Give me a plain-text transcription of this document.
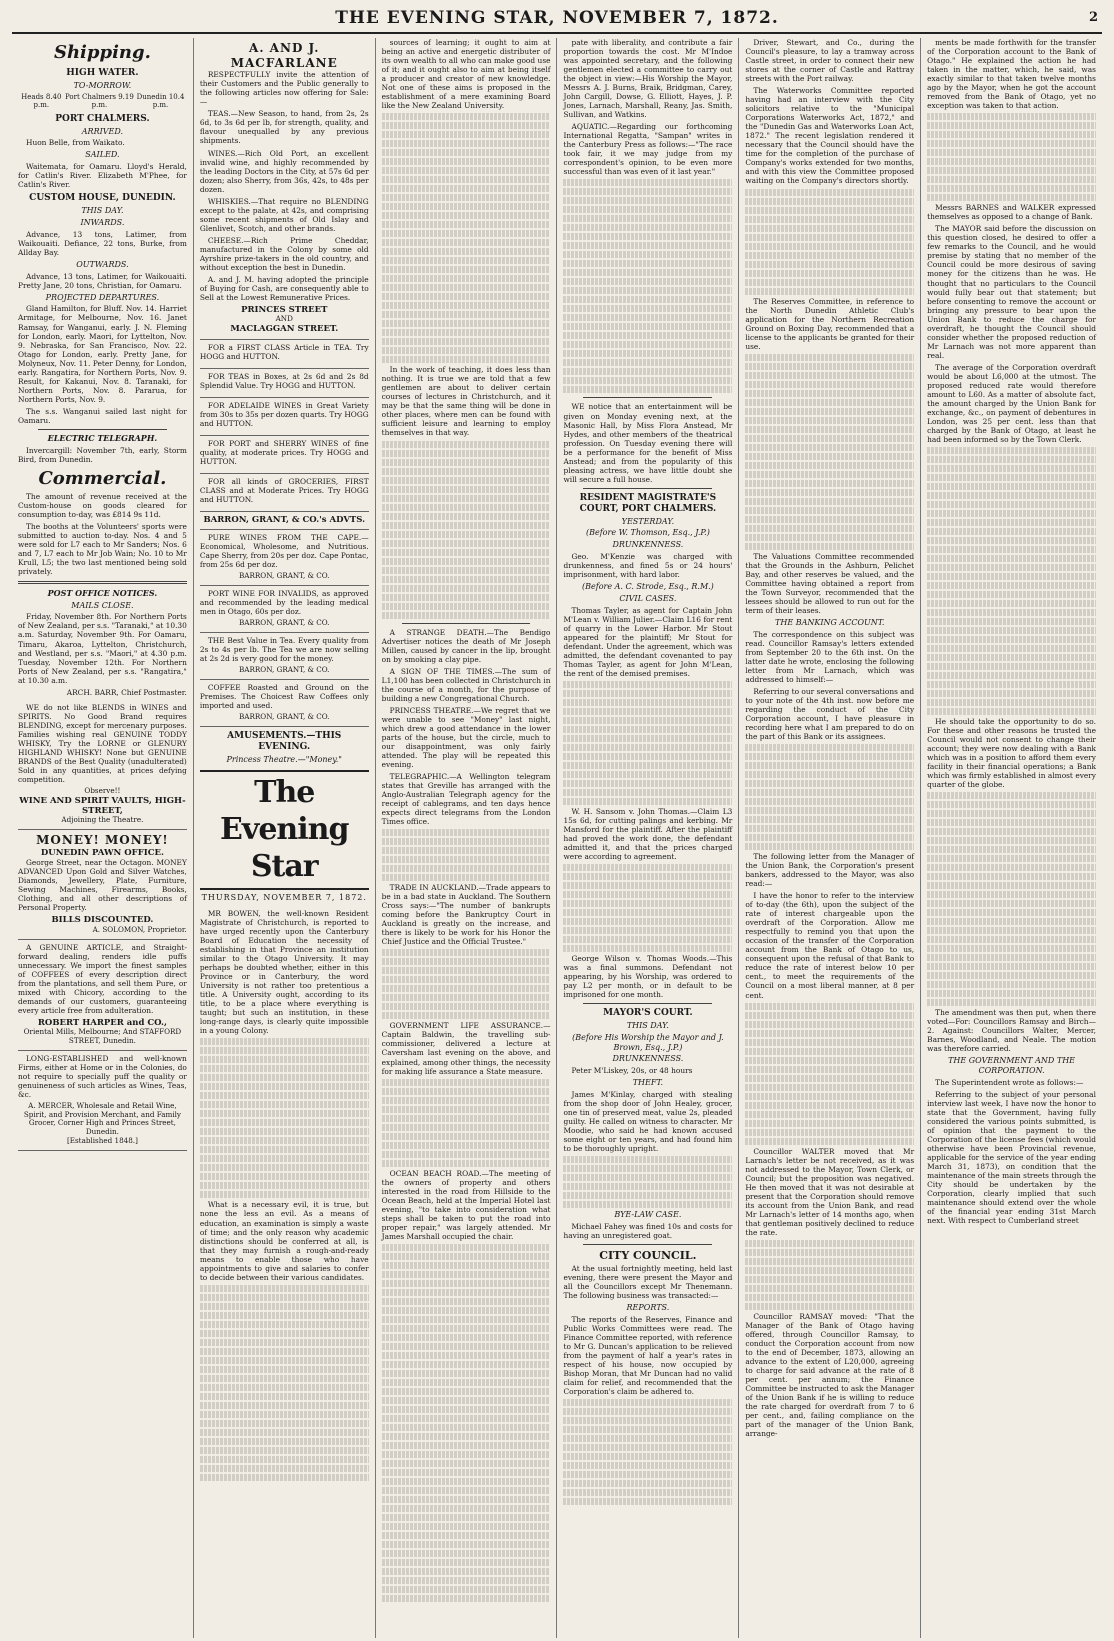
THE EVENING STAR, NOVEMBER 7, 1872.	2
Shipping.
HIGH WATER.
TO-MORROW.
Heads 8.40 p.m.
Port Chalmers 9.19 p.m.
Dunedin 10.4 p.m.
PORT CHALMERS.
ARRIVED.

Huon Belle, from Waikato.

SAILED.

Waitemata, for Oamaru. Lloyd's Herald, for Catlin's River. Elizabeth M'Phee, for Catlin's River.

CUSTOM HOUSE, DUNEDIN.
THIS DAY.
INWARDS.

Advance, 13 tons, Latimer, from Waikouaiti. Defiance, 22 tons, Burke, from Allday Bay.

OUTWARDS.

Advance, 13 tons, Latimer, for Waikouaiti. Pretty Jane, 20 tons, Christian, for Oamaru.

PROJECTED DEPARTURES.

Gland Hamilton, for Bluff. Nov. 14. Harriet Armitage, for Melbourne, Nov. 16. Janet Ramsay, for Wanganui, early. J. N. Fleming for London, early. Maori, for Lyttelton, Nov. 9. Nebraska, for San Francisco, Nov. 22. Otago for London, early. Pretty Jane, for Molyneux, Nov. 11. Peter Denny, for London, early. Rangatira, for Northern Ports, Nov. 9. Result, for Kakanui, Nov. 8. Taranaki, for Northern Ports, Nov. 8. Pararua, for Northern Ports, Nov. 9.

The s.s. Wanganui sailed last night for Oamaru.

ELECTRIC TELEGRAPH.

Invercargill: November 7th, early, Storm Bird, from Dunedin.

Commercial.

The amount of revenue received at the Custom-house on goods cleared for consumption to-day, was £814 9s 11d.

The booths at the Volunteers' sports were submitted to auction to-day. Nos. 4 and 5 were sold for L7 each to Mr Sanders; Nos. 6 and 7, L7 each to Mr Job Wain; No. 10 to Mr Krull, L5; the two last mentioned being sold privately.

POST OFFICE NOTICES.
MAILS CLOSE.

Friday, November 8th. For Northern Ports of New Zealand, per s.s. "Taranaki," at 10.30 a.m. Saturday, November 9th. For Oamaru, Timaru, Akaroa, Lyttelton, Christchurch, and Westland, per s.s. "Maori," at 4.30 p.m. Tuesday, November 12th. For Northern Ports of New Zealand, per s.s. "Rangatira," at 10.30 a.m.

ARCH. BARR, Chief Postmaster.

WE do not like BLENDS in WINES and SPIRITS. No Good Brand requires BLENDING, except for mercenary purposes. Families wishing real GENUINE TODDY WHISKY, Try the LORNE or GLENURY HIGHLAND WHISKY! None but GENUINE BRANDS of the Best Quality (unadulterated) Sold in any quantities, at prices defying competition.

Observe!!
WINE AND SPIRIT VAULTS, HIGH-STREET,
Adjoining the Theatre.
MONEY! MONEY!
DUNEDIN PAWN OFFICE.

George Street, near the Octagon. MONEY ADVANCED Upon Gold and Silver Watches, Diamonds, Jewellery, Plate, Furniture, Sewing Machines, Firearms, Books, Clothing, and all other descriptions of Personal Property.

BILLS DISCOUNTED.
A. SOLOMON, Proprietor.

A GENUINE ARTICLE, and Straight-forward dealing, renders idle puffs unnecessary. We import the finest samples of COFFEES of every description direct from the plantations, and sell them Pure, or mixed with Chicory, according to the demands of our customers, guaranteeing every article free from adulteration.

ROBERT HARPER and CO.,
Oriental Mills, Melbourne; And STAFFORD STREET, Dunedin.

LONG-ESTABLISHED and well-known Firms, either at Home or in the Colonies, do not require to specially puff the quality or genuineness of such articles as Wines, Teas, &c.

A. MERCER, Wholesale and Retail Wine, Spirit, and Provision Merchant, and Family Grocer, Corner High and Princes Street, Dunedin.
[Established 1848.]
A. AND J. MACFARLANE

RESPECTFULLY invite the attention of their Customers and the Public generally to the following articles now offering for Sale:—

TEAS.—New Season, to hand, from 2s, 2s 6d, to 3s 6d per lb, for strength, quality, and flavour unequalled by any previous shipments.

WINES.—Rich Old Port, an excellent invalid wine, and highly recommended by the leading Doctors in the City, at 57s 6d per dozen; also Sherry, from 36s, 42s, to 48s per dozen.

WHISKIES.—That require no BLENDING except to the palate, at 42s, and comprising some recent shipments of Old Islay and Glenlivet, Scotch, and other brands.

CHEESE.—Rich Prime Cheddar, manufactured in the Colony by some old Ayrshire prize-takers in the old country, and without exception the best in Dunedin.

A. and J. M. having adopted the principle of Buying for Cash, are consequently able to Sell at the Lowest Remunerative Prices.

PRINCES STREET
AND
MACLAGGAN STREET.

FOR a FIRST CLASS Article in TEA. Try HOGG and HUTTON.

FOR TEAS in Boxes, at 2s 6d and 2s 8d Splendid Value. Try HOGG and HUTTON.

FOR ADELAIDE WINES in Great Variety from 30s to 35s per dozen quarts. Try HOGG and HUTTON.

FOR PORT and SHERRY WINES of fine quality, at moderate prices. Try HOGG and HUTTON.

FOR all kinds of GROCERIES, FIRST CLASS and at Moderate Prices. Try HOGG and HUTTON.

BARRON, GRANT, & CO.'s ADVTS.

PURE WINES FROM THE CAPE.—Economical, Wholesome, and Nutritious. Cape Sherry, from 20s per doz. Cape Pontac, from 25s 6d per doz.

BARRON, GRANT, & CO.

PORT WINE FOR INVALIDS, as approved and recommended by the leading medical men in Otago, 60s per doz.

BARRON, GRANT, & CO.

THE Best Value in Tea. Every quality from 2s to 4s per lb. The Tea we are now selling at 2s 2d is very good for the money.

BARRON, GRANT, & CO.

COFFEE Roasted and Ground on the Premises. The Choicest Raw Coffees only imported and used.

BARRON, GRANT, & CO.
AMUSEMENTS.—THIS EVENING.
Princess Theatre.—"Money."
The Evening Star
THURSDAY, NOVEMBER 7, 1872.

MR BOWEN, the well-known Resident Magistrate of Christchurch, is reported to have urged recently upon the Canterbury Board of Education the necessity of establishing in that Province an institution similar to the Otago University. It may perhaps be doubted whether, either in this Province or in Canterbury, the word University is not rather too pretentious a title. A University ought, according to its title, to be a place where everything is taught; but such an institution, in these long-range days, is clearly quite impossible in a young Colony.

What is a necessary evil, it is true, but none the less an evil. As a means of education, an examination is simply a waste of time; and the only reason why academic distinctions should be conferred at all, is that they may furnish a rough-and-ready means to enable those who have appointments to give and salaries to confer to decide between their various candidates.

sources of learning; it ought to aim at being an active and energetic distributer of its own wealth to all who can make good use of it; and it ought also to aim at being itself a producer and creator of new knowledge. Not one of these aims is proposed in the establishment of a mere examining Board like the New Zealand University.

In the work of teaching, it does less than nothing. It is true we are told that a few gentlemen are about to deliver certain courses of lectures in Christchurch, and it may be that the same thing will be done in other places, where men can be found with sufficient leisure and learning to employ themselves in that way.

A STRANGE DEATH.—The Bendigo Advertiser notices the death of Mr Joseph Millen, caused by cancer in the lip, brought on by smoking a clay pipe.

A SIGN OF THE TIMES.—The sum of L1,100 has been collected in Christchurch in the course of a month, for the purpose of building a new Congregational Church.

PRINCESS THEATRE.—We regret that we were unable to see "Money" last night, which drew a good attendance in the lower parts of the house, but the circle, much to our disappointment, was only fairly attended. The play will be repeated this evening.

TELEGRAPHIC.—A Wellington telegram states that Greville has arranged with the Anglo-Australian Telegraph agency for the receipt of cablegrams, and ten days hence expects direct telegrams from the London Times office.

TRADE IN AUCKLAND.—Trade appears to be in a bad state in Auckland. The Southern Cross says:—"The number of bankrupts coming before the Bankruptcy Court in Auckland is greatly on the increase, and there is likely to be work for his Honor the Chief Justice and the Official Trustee."

GOVERNMENT LIFE ASSURANCE.—Captain Baldwin, the travelling sub-commissioner, delivered a lecture at Caversham last evening on the above, and explained, among other things, the necessity for making life assurance a State measure.

OCEAN BEACH ROAD.—The meeting of the owners of property and others interested in the road from Hillside to the Ocean Beach, held at the Imperial Hotel last evening, "to take into consideration what steps shall be taken to put the road into proper repair," was largely attended. Mr James Marshall occupied the chair.

pate with liberality, and contribute a fair proportion towards the cost. Mr M'Indoe was appointed secretary, and the following gentlemen elected a committee to carry out the object in view:—His Worship the Mayor, Messrs A. J. Burns, Braik, Bridgman, Carey, John Cargill, Dowse, G. Elliott, Hayes, J. P. Jones, Larnach, Marshall, Reany, Jas. Smith, Sullivan, and Watkins.

AQUATIC.—Regarding our forthcoming International Regatta, "Sampan" writes in the Canterbury Press as follows:—"The race took fair, it we may judge from my correspondent's opinion, to be even more successful than was even of it last year."

WE notice that an entertainment will be given on Monday evening next, at the Masonic Hall, by Miss Flora Anstead, Mr Hydes, and other members of the theatrical profession. On Tuesday evening there will be a performance for the benefit of Miss Anstead; and from the popularity of this pleasing actress, we have little doubt she will secure a full house.

RESIDENT MAGISTRATE'S COURT, PORT CHALMERS.
YESTERDAY.
(Before W. Thomson, Esq., J.P.)
DRUNKENNESS.

Geo. M'Kenzie was charged with drunkenness, and fined 5s or 24 hours' imprisonment, with hard labor.

(Before A. C. Strode, Esq., R.M.)
CIVIL CASES.

Thomas Tayler, as agent for Captain John M'Lean v. William Julier.—Claim L16 for rent of quarry in the Lower Harbor. Mr Stout appeared for the plaintiff; Mr Stout for defendant. Under the agreement, which was admitted, the defendant covenanted to pay Thomas Tayler, as agent for John M'Lean, the rent of the demised premises.

W. H. Sansom v. John Thomas.—Claim L3 15s 6d, for cutting palings and kerbing. Mr Mansford for the plaintiff. After the plaintiff had proved the work done, the defendant admitted it, and that the prices charged were according to agreement.

George Wilson v. Thomas Woods.—This was a final summons. Defendant not appearing, by his Worship, was ordered to pay L2 per month, or in default to be imprisoned for one month.

MAYOR'S COURT.
THIS DAY.
(Before His Worship the Mayor and J. Brown, Esq., J.P.)
DRUNKENNESS.

Peter M'Liskey, 20s, or 48 hours

THEFT.

James M'Kinlay, charged with stealing from the shop door of John Healey, grocer, one tin of preserved meat, value 2s, pleaded guilty. He called on witness to character. Mr Moodie, who said he had known accused some eight or ten years, and had found him to be thoroughly upright.

BYE-LAW CASE.

Michael Fahey was fined 10s and costs for having an unregistered goat.

CITY COUNCIL.

At the usual fortnightly meeting, held last evening, there were present the Mayor and all the Councillors except Mr Thenemann. The following business was transacted:—

REPORTS.

The reports of the Reserves, Finance and Public Works Committees were read. The Finance Committee reported, with reference to Mr G. Duncan's application to be relieved from the payment of half a year's rates in respect of his house, now occupied by Bishop Moran, that Mr Duncan had no valid claim for relief, and recommended that the Corporation's claim be adhered to.

Driver, Stewart, and Co., during the Council's pleasure, to lay a tramway across Castle street, in order to connect their new stores at the corner of Castle and Rattray streets with the Port railway.

The Waterworks Committee reported having had an interview with the City solicitors relative to the "Municipal Corporations Waterworks Act, 1872," and the "Dunedin Gas and Waterworks Loan Act, 1872." The recent legislation rendered it necessary that the Council should have the time for the completion of the purchase of Company's works extended for two months, and with this view the Committee proposed waiting on the Company's directors shortly.

The Reserves Committee, in reference to the North Dunedin Athletic Club's application for the Northern Recreation Ground on Boxing Day, recommended that a license to the applicants be granted for their use.

The Valuations Committee recommended that the Grounds in the Ashburn, Pelichet Bay, and other reserves be valued, and the Committee having obtained a report from the Town Surveyor, recommended that the lessees should be allowed to run out for the term of their leases.

THE BANKING ACCOUNT.

The correspondence on this subject was read. Councillor Ramsay's letters extended from September 20 to the 6th inst. On the latter date he wrote, enclosing the following letter from Mr Larnach, which was addressed to himself:—

Referring to our several conversations and to your note of the 4th inst. now before me regarding the conduct of the City Corporation account, I have pleasure in recording here what I am prepared to do on the part of this Bank or its assignees.

The following letter from the Manager of the Union Bank, the Corporation's present bankers, addressed to the Mayor, was also read:—

I have the honor to refer to the interview of to-day (the 6th), upon the subject of the rate of interest chargeable upon the overdraft of the Corporation. Allow me respectfully to remind you that upon the occasion of the transfer of the Corporation account from the Bank of Otago to us, consequent upon the refusal of that Bank to reduce the rate of interest below 10 per cent., to meet the requirements of the Council on a most liberal manner, at 8 per cent.

Councillor WALTER moved that Mr Larnach's letter be not received, as it was not addressed to the Mayor, Town Clerk, or Council; but the proposition was negatived. He then moved that it was not desirable at present that the Corporation should remove its account from the Union Bank, and read Mr Larnach's letter of 14 months ago, when that gentleman positively declined to reduce the rate.

Councillor RAMSAY moved: "That the Manager of the Bank of Otago having offered, through Councillor Ramsay, to conduct the Corporation account from now to the end of December, 1873, allowing an advance to the extent of L20,000, agreeing to charge for said advance at the rate of 8 per cent. per annum; the Finance Committee be instructed to ask the Manager of the Union Bank if he is willing to reduce the rate charged for overdraft from 7 to 6 per cent., and, failing compliance on the part of the manager of the Union Bank, arrange-

ments be made forthwith for the transfer of the Corporation account to the Bank of Otago." He explained the action he had taken in the matter, which, he said, was exactly similar to that taken twelve months ago by the Mayor, when he got the account removed from the Bank of Otago, yet no exception was taken to that action.

Messrs BARNES and WALKER expressed themselves as opposed to a change of Bank.

The MAYOR said before the discussion on this question closed, he desired to offer a few remarks to the Council, and he would premise by stating that no member of the Council could be more desirous of saving money for the citizens than he was. He thought that no particulars to the Council would fully bear out that statement; but before consenting to remove the account or bringing any pressure to bear upon the Union Bank to reduce the charge for overdraft, he thought the Council should consider whether the proposed reduction of Mr Larnach was not more apparent than real.

The average of the Corporation overdraft would be about L6,000 at the utmost. The proposed reduced rate would therefore amount to L60. As a matter of absolute fact, the amount charged by the Union Bank for exchange, &c., on payment of debentures in London, was 25 per cent. less than that charged by the Bank of Otago, at least he had been informed so by the Town Clerk.

He should take the opportunity to do so. For these and other reasons he trusted the Council would not consent to change their account; they were now dealing with a Bank which was in a position to afford them every facility in their financial operations; a Bank which was firmly established in almost every quarter of the globe.

The amendment was then put, when there voted—For: Councillors Ramsay and Birch—2. Against: Councillors Walter, Mercer, Barnes, Woodland, and Neale. The motion was therefore carried.

THE GOVERNMENT AND THE CORPORATION.

The Superintendent wrote as follows:—

Referring to the subject of your personal interview last week, I have now the honor to state that the Government, having fully considered the various points submitted, is of opinion that the payment to the Corporation of the license fees (which would otherwise have been Provincial revenue, applicable for the service of the year ending March 31, 1873), on condition that the maintenance of the main streets through the City should be undertaken by the Corporation, clearly implied that such maintenance should extend over the whole of the financial year ending 31st March next. With respect to Cumberland street
